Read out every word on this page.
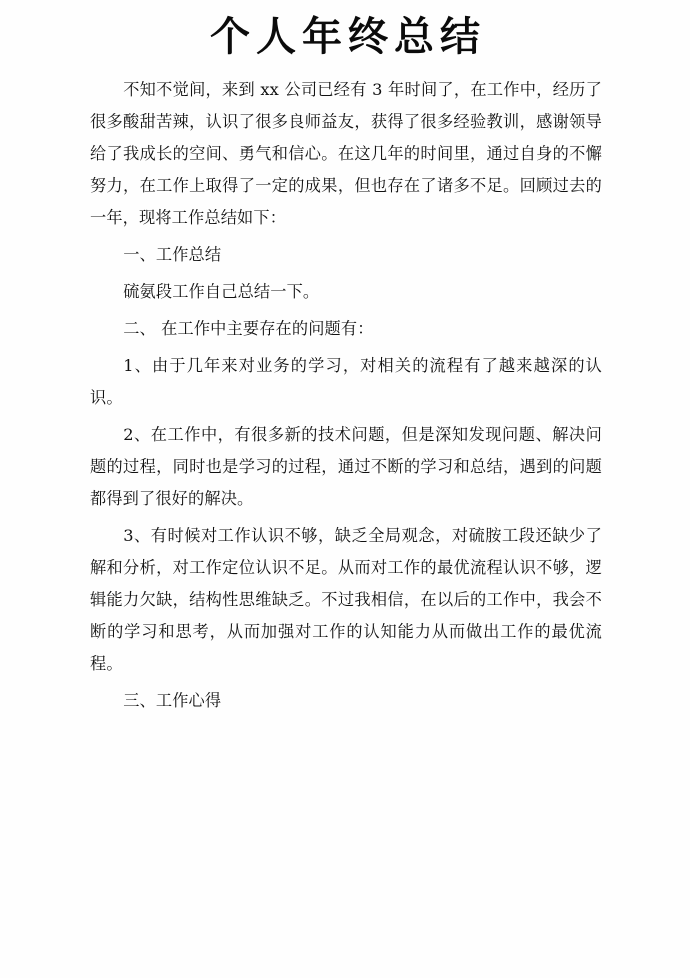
个人年终总结

不知不觉间，来到 xx 公司已经有 3 年时间了，在工作中，经历了很多酸甜苦辣，认识了很多良师益友，获得了很多经验教训，感谢领导给了我成长的空间、勇气和信心。在这几年的时间里，通过自身的不懈努力，在工作上取得了一定的成果，但也存在了诸多不足。回顾过去的一年，现将工作总结如下：

一、工作总结

硫氨段工作自己总结一下。

二、 在工作中主要存在的问题有：

1、由于几年来对业务的学习，对相关的流程有了越来越深的认识。

2、在工作中，有很多新的技术问题，但是深知发现问题、解决问题的过程，同时也是学习的过程，通过不断的学习和总结，遇到的问题都得到了很好的解决。

3、有时候对工作认识不够，缺乏全局观念，对硫胺工段还缺少了解和分析，对工作定位认识不足。从而对工作的最优流程认识不够，逻辑能力欠缺，结构性思维缺乏。不过我相信，在以后的工作中，我会不断的学习和思考，从而加强对工作的认知能力从而做出工作的最优流程。

三、工作心得
